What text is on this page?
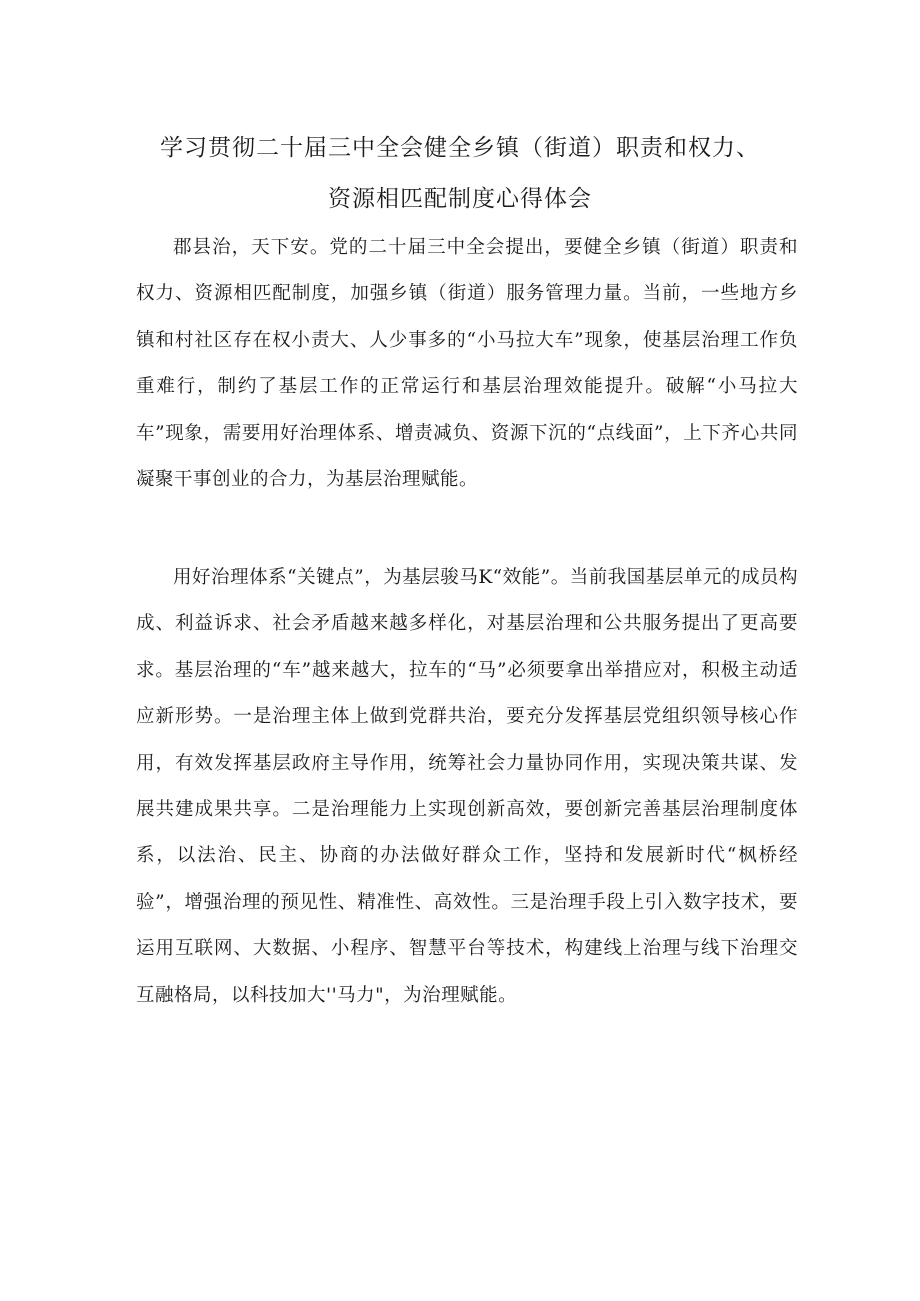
学习贯彻二十届三中全会健全乡镇（街道）职责和权力、
资源相匹配制度心得体会

郡县治，天下安。党的二十届三中全会提出，要健全乡镇（街道）职责和权力、资源相匹配制度，加强乡镇（街道）服务管理力量。当前，一些地方乡镇和村社区存在权小责大、人少事多的“小马拉大车”现象，使基层治理工作负重难行，制约了基层工作的正常运行和基层治理效能提升。破解“小马拉大车”现象，需要用好治理体系、增责减负、资源下沉的“点线面”，上下齐心共同凝聚干事创业的合力，为基层治理赋能。

用好治理体系“关键点”，为基层骏马K“效能”。当前我国基层单元的成员构成、利益诉求、社会矛盾越来越多样化，对基层治理和公共服务提出了更高要求。基层治理的“车”越来越大，拉车的“马”必须要拿出举措应对，积极主动适应新形势。一是治理主体上做到党群共治，要充分发挥基层党组织领导核心作用，有效发挥基层政府主导作用，统筹社会力量协同作用，实现决策共谋、发展共建成果共享。二是治理能力上实现创新高效，要创新完善基层治理制度体系，以法治、民主、协商的办法做好群众工作，坚持和发展新时代“枫桥经验”，增强治理的预见性、精准性、高效性。三是治理手段上引入数字技术，要运用互联网、大数据、小程序、智慧平台等技术，构建线上治理与线下治理交互融格局，以科技加大''马力"，为治理赋能。
